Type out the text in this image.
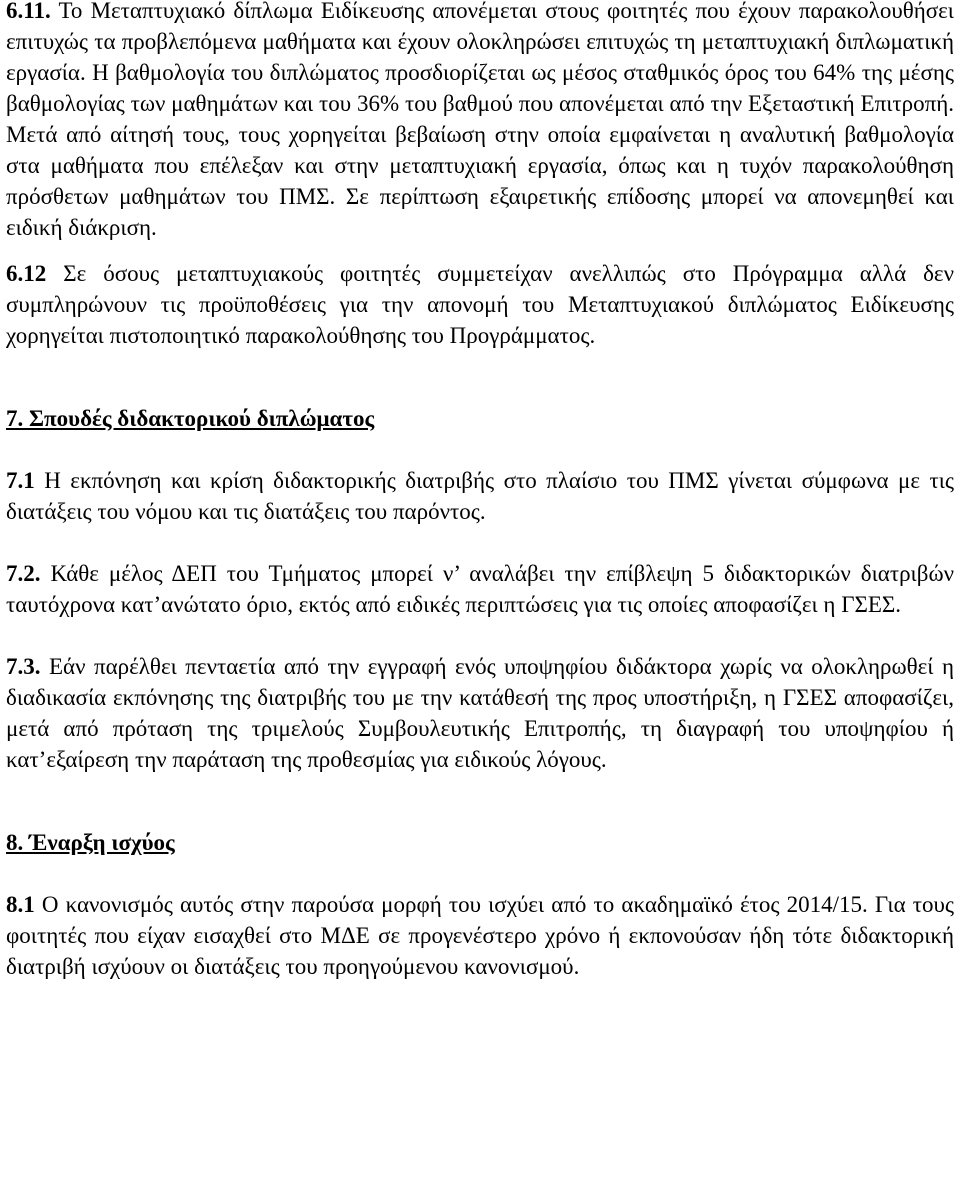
6.11. Το Μεταπτυχιακό δίπλωμα Ειδίκευσης απονέμεται στους φοιτητές που έχουν παρακολουθήσει επιτυχώς τα προβλεπόμενα μαθήματα και έχουν ολοκληρώσει επιτυχώς τη μεταπτυχιακή διπλωματική εργασία. Η βαθμολογία του διπλώματος προσδιορίζεται ως μέσος σταθμικός όρος του 64% της μέσης βαθμολογίας των μαθημάτων και του 36% του βαθμού που απονέμεται από την Εξεταστική Επιτροπή. Μετά από αίτησή τους, τους χορηγείται βεβαίωση στην οποία εμφαίνεται η αναλυτική βαθμολογία στα μαθήματα που επέλεξαν και στην μεταπτυχιακή εργασία, όπως και η τυχόν παρακολούθηση πρόσθετων μαθημάτων του ΠΜΣ. Σε περίπτωση εξαιρετικής επίδοσης μπορεί να απονεμηθεί και ειδική διάκριση.

6.12 Σε όσους μεταπτυχιακούς φοιτητές συμμετείχαν ανελλιπώς στο Πρόγραμμα αλλά δεν συμπληρώνουν τις προϋποθέσεις για την απονομή του Μεταπτυχιακού διπλώματος Ειδίκευσης χορηγείται πιστοποιητικό παρακολούθησης του Προγράμματος.

7. Σπουδές διδακτορικού διπλώματος

7.1 Η εκπόνηση και κρίση διδακτορικής διατριβής στο πλαίσιο του ΠΜΣ γίνεται σύμφωνα με τις διατάξεις του νόμου και τις διατάξεις του παρόντος.

7.2. Κάθε μέλος ΔΕΠ του Τμήματος μπορεί ν’ αναλάβει την επίβλεψη 5 διδακτορικών διατριβών ταυτόχρονα κατ’ανώτατο όριο, εκτός από ειδικές περιπτώσεις για τις οποίες αποφασίζει η ΓΣΕΣ.

7.3. Εάν παρέλθει πενταετία από την εγγραφή ενός υποψηφίου διδάκτορα χωρίς να ολοκληρωθεί η διαδικασία εκπόνησης της διατριβής του με την κατάθεσή της προς υποστήριξη, η ΓΣΕΣ αποφασίζει, μετά από πρόταση της τριμελούς Συμβουλευτικής Επιτροπής, τη διαγραφή του υποψηφίου ή κατ’εξαίρεση την παράταση της προθεσμίας για ειδικούς λόγους.

8. Έναρξη ισχύος

8.1 Ο κανονισμός αυτός στην παρούσα μορφή του ισχύει από το ακαδημαϊκό έτος 2014/15. Για τους φοιτητές που είχαν εισαχθεί στο ΜΔΕ σε προγενέστερο χρόνο ή εκπονούσαν ήδη τότε διδακτορική διατριβή ισχύουν οι διατάξεις του προηγούμενου κανονισμού.
